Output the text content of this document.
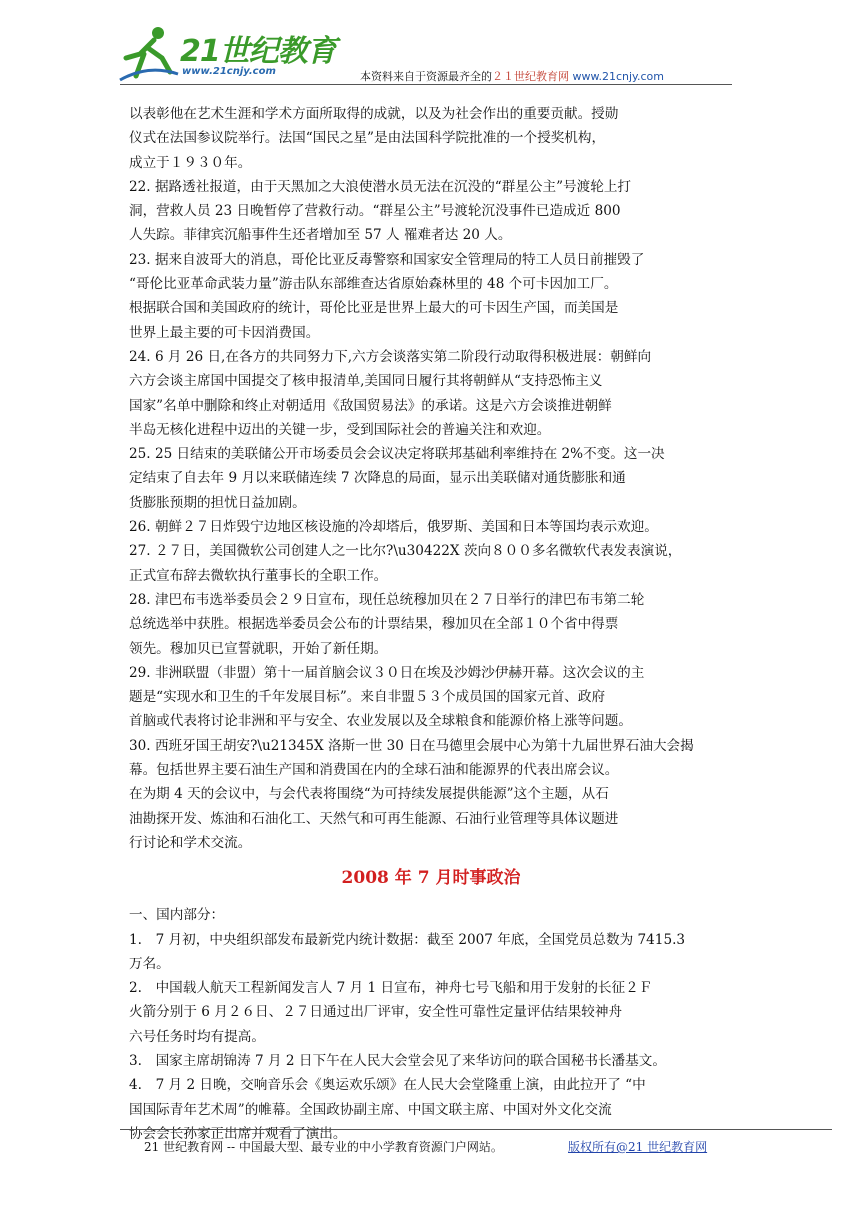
21世纪教育
www.21cnjy.com	本资料来自于资源最齐全的２１世纪教育网 www.21cnjy.com
以表彰他在艺术生涯和学术方面所取得的成就，以及为社会作出的重要贡献。授勋
仪式在法国参议院举行。法国“国民之星”是由法国科学院批准的一个授奖机构，
成立于１９３０年。
22. 据路透社报道，由于天黑加之大浪使潜水员无法在沉没的“群星公主”号渡轮上打
洞，营救人员 23 日晚暂停了营救行动。“群星公主”号渡轮沉没事件已造成近 800
人失踪。菲律宾沉船事件生还者增加至 57 人 罹难者达 20 人。
23. 据来自波哥大的消息，哥伦比亚反毒警察和国家安全管理局的特工人员日前摧毁了
“哥伦比亚革命武装力量”游击队东部维查达省原始森林里的 48 个可卡因加工厂。
根据联合国和美国政府的统计，哥伦比亚是世界上最大的可卡因生产国，而美国是
世界上最主要的可卡因消费国。
24. 6 月 26 日,在各方的共同努力下,六方会谈落实第二阶段行动取得积极进展：朝鲜向
六方会谈主席国中国提交了核申报清单,美国同日履行其将朝鲜从“支持恐怖主义
国家”名单中删除和终止对朝适用《敌国贸易法》的承诺。这是六方会谈推进朝鲜
半岛无核化进程中迈出的关键一步，受到国际社会的普遍关注和欢迎。
25. 25 日结束的美联储公开市场委员会会议决定将联邦基础利率维持在 2%不变。这一决
定结束了自去年 9 月以来联储连续 7 次降息的局面，显示出美联储对通货膨胀和通
货膨胀预期的担忧日益加剧。
26. 朝鲜２７日炸毁宁边地区核设施的冷却塔后，俄罗斯、美国和日本等国均表示欢迎。
27. ２７日，美国微软公司创建人之一比尔?\u30422X 茨向８００多名微软代表发表演说，
正式宣布辞去微软执行董事长的全职工作。
28. 津巴布韦选举委员会２９日宣布，现任总统穆加贝在２７日举行的津巴布韦第二轮
总统选举中获胜。根据选举委员会公布的计票结果，穆加贝在全部１０个省中得票
领先。穆加贝已宣誓就职，开始了新任期。
29. 非洲联盟（非盟）第十一届首脑会议３０日在埃及沙姆沙伊赫开幕。这次会议的主
题是“实现水和卫生的千年发展目标”。来自非盟５３个成员国的国家元首、政府
首脑或代表将讨论非洲和平与安全、农业发展以及全球粮食和能源价格上涨等问题。
30. 西班牙国王胡安?\u21345X 洛斯一世 30 日在马德里会展中心为第十九届世界石油大会揭
幕。包括世界主要石油生产国和消费国在内的全球石油和能源界的代表出席会议。
在为期 4 天的会议中，与会代表将围绕“为可持续发展提供能源”这个主题，从石
油勘探开发、炼油和石油化工、天然气和可再生能源、石油行业管理等具体议题进
行讨论和学术交流。
2008 年 7 月时事政治
一、国内部分：
1.　7 月初，中央组织部发布最新党内统计数据：截至 2007 年底，全国党员总数为 7415.3
万名。
2.　中国载人航天工程新闻发言人 7 月 1 日宣布，神舟七号飞船和用于发射的长征２Ｆ
火箭分别于 6 月２６日、２７日通过出厂评审，安全性可靠性定量评估结果较神舟
六号任务时均有提高。
3.　国家主席胡锦涛 7 月 2 日下午在人民大会堂会见了来华访问的联合国秘书长潘基文。
4.　7 月 2 日晚，交响音乐会《奥运欢乐颂》在人民大会堂隆重上演，由此拉开了 “中
国国际青年艺术周”的帷幕。全国政协副主席、中国文联主席、中国对外文化交流
协会会长孙家正出席并观看了演出。
21 世纪教育网 -- 中国最大型、最专业的中小学教育资源门户网站。	版权所有@21 世纪教育网
